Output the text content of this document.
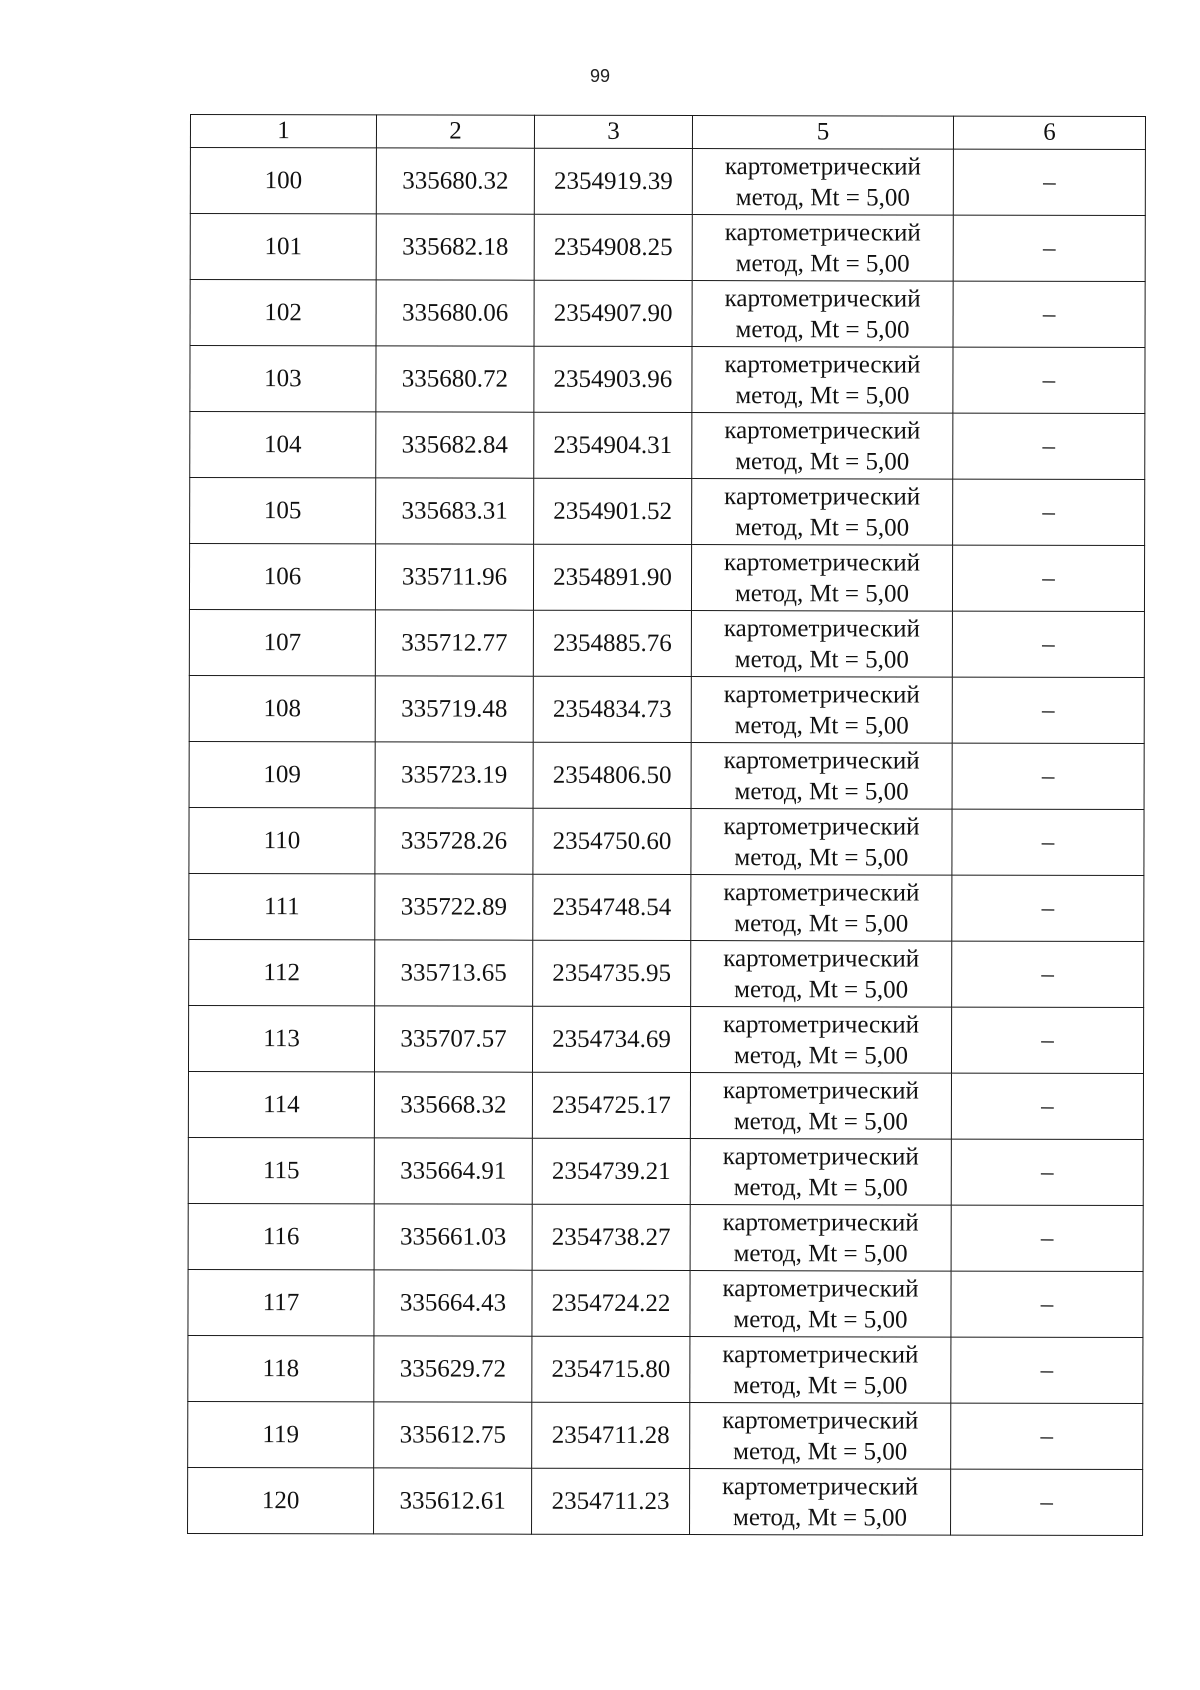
99
1	2	3	5	6
100	335680.32	2354919.39	картометрический
метод, Mt = 5,00	–
101	335682.18	2354908.25	картометрический
метод, Mt = 5,00	–
102	335680.06	2354907.90	картометрический
метод, Mt = 5,00	–
103	335680.72	2354903.96	картометрический
метод, Mt = 5,00	–
104	335682.84	2354904.31	картометрический
метод, Mt = 5,00	–
105	335683.31	2354901.52	картометрический
метод, Mt = 5,00	–
106	335711.96	2354891.90	картометрический
метод, Mt = 5,00	–
107	335712.77	2354885.76	картометрический
метод, Mt = 5,00	–
108	335719.48	2354834.73	картометрический
метод, Mt = 5,00	–
109	335723.19	2354806.50	картометрический
метод, Mt = 5,00	–
110	335728.26	2354750.60	картометрический
метод, Mt = 5,00	–
111	335722.89	2354748.54	картометрический
метод, Mt = 5,00	–
112	335713.65	2354735.95	картометрический
метод, Mt = 5,00	–
113	335707.57	2354734.69	картометрический
метод, Mt = 5,00	–
114	335668.32	2354725.17	картометрический
метод, Mt = 5,00	–
115	335664.91	2354739.21	картометрический
метод, Mt = 5,00	–
116	335661.03	2354738.27	картометрический
метод, Mt = 5,00	–
117	335664.43	2354724.22	картометрический
метод, Mt = 5,00	–
118	335629.72	2354715.80	картометрический
метод, Mt = 5,00	–
119	335612.75	2354711.28	картометрический
метод, Mt = 5,00	–
120	335612.61	2354711.23	картометрический
метод, Mt = 5,00	–
